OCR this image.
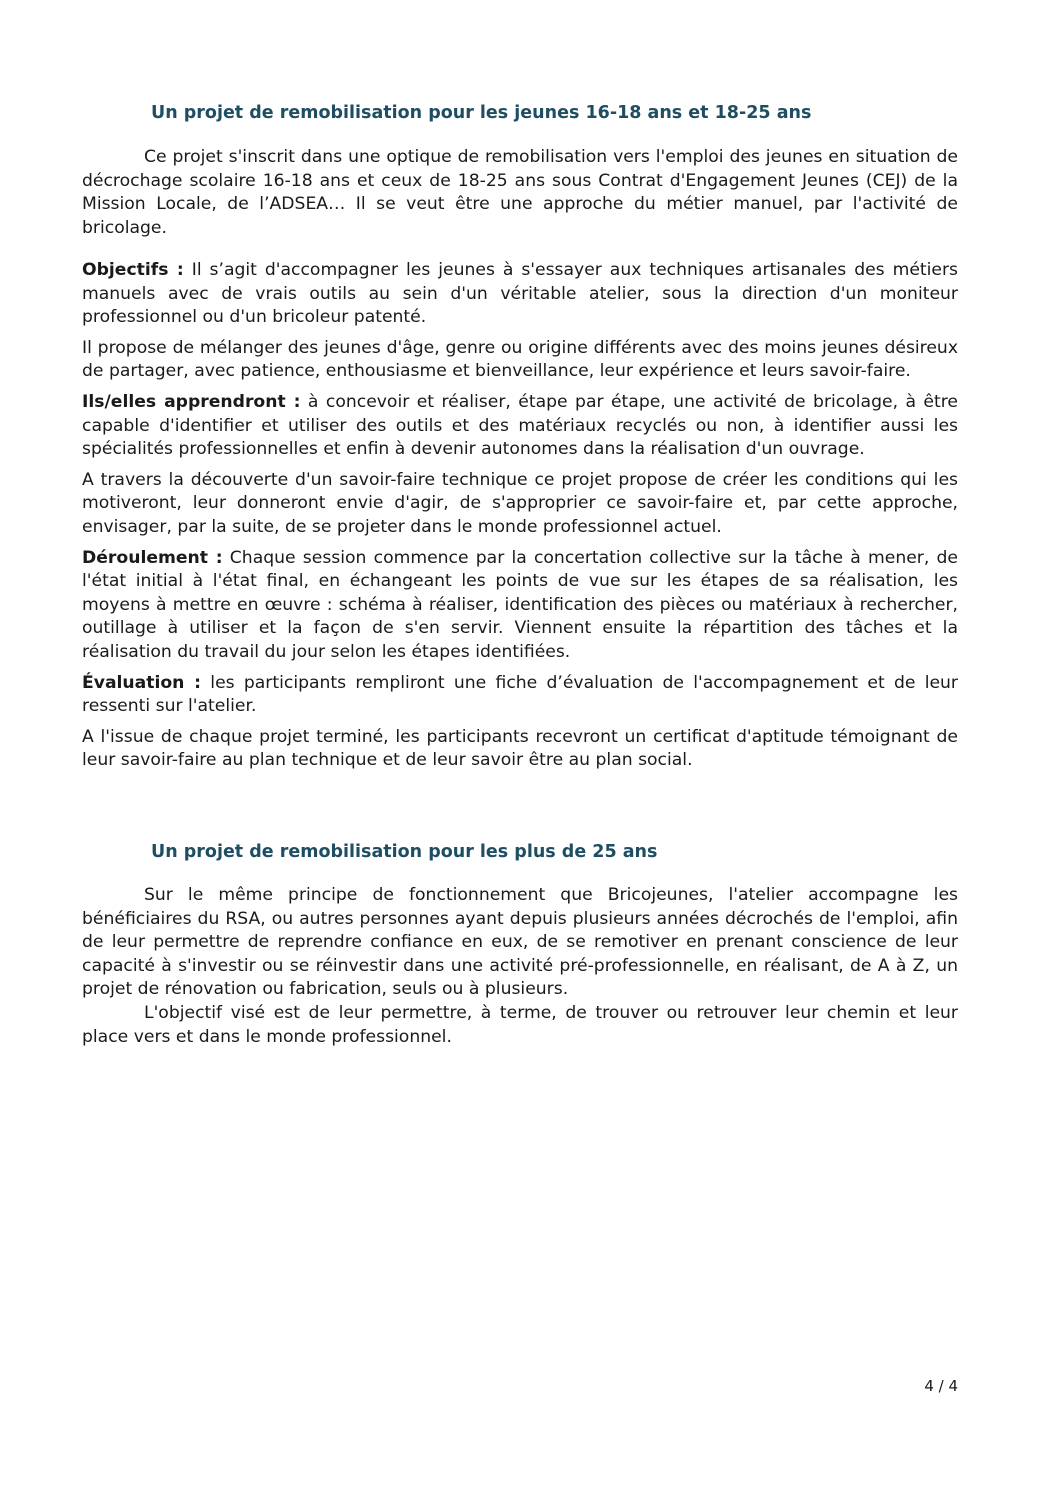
Un projet de remobilisation pour les jeunes 16-18 ans et 18-25 ans

Ce projet s'inscrit dans une optique de remobilisation vers l'emploi des jeunes en situation de décrochage scolaire 16-18 ans et ceux de 18-25 ans sous Contrat d'Engagement Jeunes (CEJ) de la Mission Locale, de l’ADSEA… Il se veut être une approche du métier manuel, par l'activité de bricolage.

Objectifs : Il s’agit d'accompagner les jeunes à s'essayer aux techniques artisanales des métiers manuels avec de vrais outils au sein d'un véritable atelier, sous la direction d'un moniteur professionnel ou d'un bricoleur patenté.

Il propose de mélanger des jeunes d'âge, genre ou origine différents avec des moins jeunes désireux de partager, avec patience, enthousiasme et bienveillance, leur expérience et leurs savoir-faire.

Ils/elles apprendront : à concevoir et réaliser, étape par étape, une activité de bricolage, à être capable d'identifier et utiliser des outils et des matériaux recyclés ou non, à identifier aussi les spécialités professionnelles et enfin à devenir autonomes dans la réalisation d'un ouvrage.

A travers la découverte d'un savoir-faire technique ce projet propose de créer les conditions qui les motiveront, leur donneront envie d'agir, de s'approprier ce savoir-faire et, par cette approche, envisager, par la suite, de se projeter dans le monde professionnel actuel.

Déroulement : Chaque session commence par la concertation collective sur la tâche à mener, de l'état initial à l'état final, en échangeant les points de vue sur les étapes de sa réalisation, les moyens à mettre en œuvre : schéma à réaliser, identification des pièces ou matériaux à rechercher, outillage à utiliser et la façon de s'en servir. Viennent ensuite la répartition des tâches et la réalisation du travail du jour selon les étapes identifiées.

Évaluation : les participants rempliront une fiche d’évaluation de l'accompagnement et de leur ressenti sur l'atelier.

A l'issue de chaque projet terminé, les participants recevront un certificat d'aptitude témoignant de leur savoir-faire au plan technique et de leur savoir être au plan social.

Un projet de remobilisation pour les plus de 25 ans

Sur le même principe de fonctionnement que Bricojeunes, l'atelier accompagne les bénéficiaires du RSA, ou autres personnes ayant depuis plusieurs années décrochés de l'emploi, afin de leur permettre de reprendre confiance en eux, de se remotiver en prenant conscience de leur capacité à s'investir ou se réinvestir dans une activité pré-professionnelle, en réalisant, de A à Z, un projet de rénovation ou fabrication, seuls ou à plusieurs.

L'objectif visé est de leur permettre, à terme, de trouver ou retrouver leur chemin et leur place vers et dans le monde professionnel.

4 / 4
